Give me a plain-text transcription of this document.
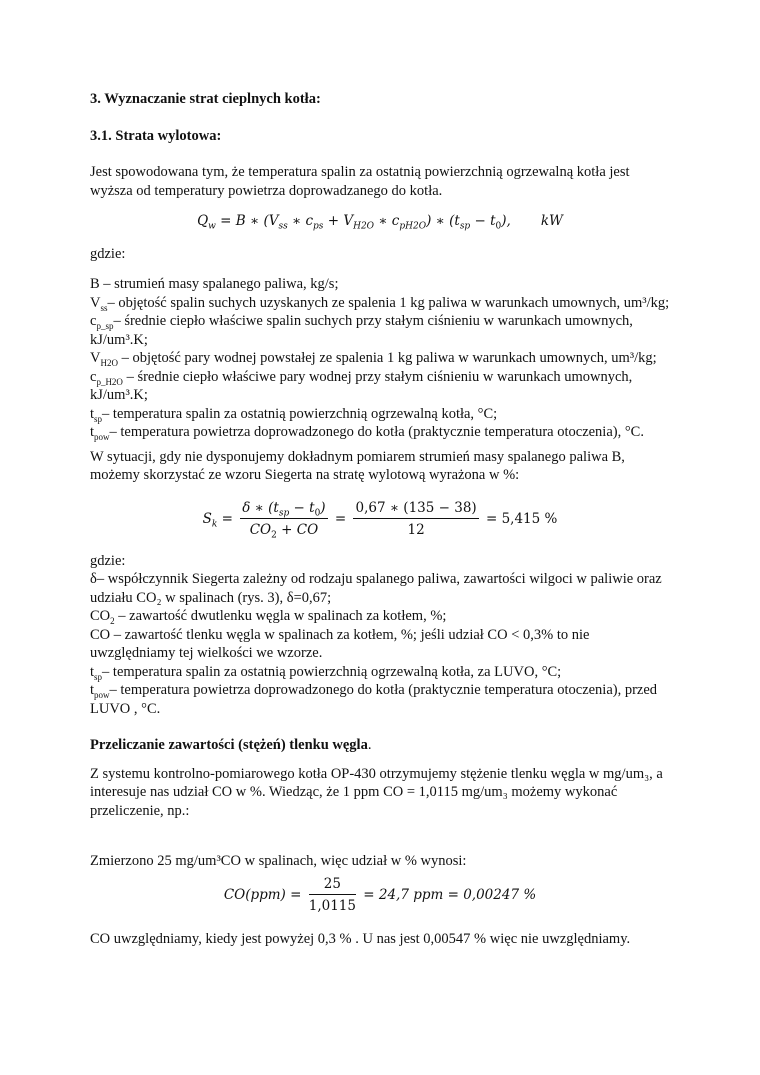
3. Wyznaczanie strat cieplnych kotła:

3.1. Strata wylotowa:

Jest spowodowana tym, że temperatura spalin za ostatnią powierzchnią ogrzewalną kotła jest wyższa od temperatury powietrza doprowadzanego do kotła.

$Q_w = B$ ∗ ($V_{ss}$ ∗ $c_{ps} + V_{H2O}$ ∗ $c_{pH2O}$) ∗ $(t_{sp} - t_0)$,       kW

gdzie:

B – strumień masy spalanego paliwa, kg/s;

$V_{ss}-$ objętość spalin suchych uzyskanych ze spalenia 1 kg paliwa w warunkach umownych, um³/kg;

$c_{p\_sp}-$ średnie ciepło właściwe spalin suchych przy stałym ciśnieniu w warunkach umownych, kJ/um³.K;

$V_{H2O}$ – objętość pary wodnej powstałej ze spalenia 1 kg paliwa w warunkach umownych, um³/kg;

$c_{p\_H2O}$ – średnie ciepło właściwe pary wodnej przy stałym ciśnieniu w warunkach umownych, kJ/um³.K;

$t_{sp}-$ temperatura spalin za ostatnią powierzchnią ogrzewalną kotła, °C;

$t_{pow}-$ temperatura powietrza doprowadzonego do kotła (praktycznie temperatura otoczenia), °C.

W sytuacji, gdy nie dysponujemy dokładnym pomiarem strumień masy spalanego paliwa B, możemy skorzystać ze wzoru Siegerta na stratę wylotową wyrażona w %:

$S_k = \frac{\delta ∗ (t_{sp} - t_0)}{CO_2 + CO} = \frac{0,67 ∗ (135 - 38)}{12} = 5,415$ %

gdzie:

δ– współczynnik Siegerta zależny od rodzaju spalanego paliwa, zawartości wilgoci w paliwie oraz udziału CO₂ w spalinach (rys. 3), δ=0,67;

$CO_2$ – zawartość dwutlenku węgla w spalinach za kotłem, %;

CO – zawartość tlenku węgla w spalinach za kotłem, %; jeśli udział CO < 0,3% to nie uwzględniamy tej wielkości we wzorze.

$t_{sp}-$ temperatura spalin za ostatnią powierzchnią ogrzewalną kotła, za LUVO, °C;

$t_{pow}-$ temperatura powietrza doprowadzonego do kotła (praktycznie temperatura otoczenia), przed LUVO , °C.

Przeliczanie zawartości (stężeń) tlenku węgla.

Z systemu kontrolno-pomiarowego kotła OP-430 otrzymujemy stężenie tlenku węgla w mg/um₃, a interesuje nas udział CO w %. Wiedząc, że 1 ppm CO = 1,0115 mg/um₃ możemy wykonać przeliczenie, np.:

Zmierzono 25 mg/um³CO w spalinach, więc udział w % wynosi:

$CO(ppm) = \frac{25}{1,0115} = 24,7$ ppm = 0,00247 %

CO uwzględniamy, kiedy jest powyżej 0,3 % . U nas jest 0,00547 % więc nie uwzględniamy.
